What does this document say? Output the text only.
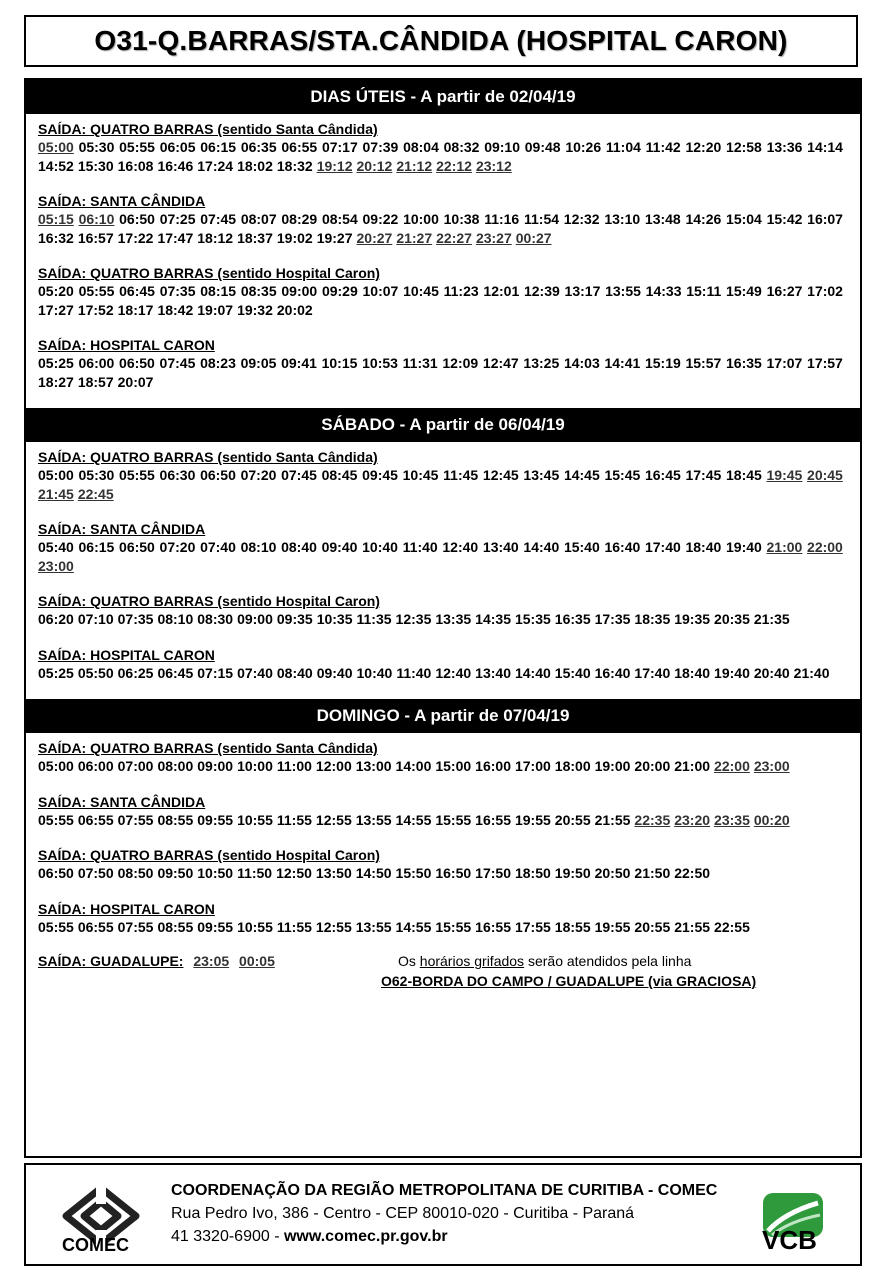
O31-Q.BARRAS/STA.CÂNDIDA (HOSPITAL CARON)
DIAS ÚTEIS - A partir de 02/04/19
SAÍDA: QUATRO BARRAS (sentido Santa Cândida)
05:00 05:30 05:55 06:05 06:15 06:35 06:55 07:17 07:39 08:04 08:32 09:10 09:48 10:26 11:04 11:42 12:20 12:58 13:36 14:14
14:52 15:30 16:08 16:46 17:24 18:02 18:32 19:12 20:12 21:12 22:12 23:12
SAÍDA: SANTA CÂNDIDA
05:15 06:10 06:50 07:25 07:45 08:07 08:29 08:54 09:22 10:00 10:38 11:16 11:54 12:32 13:10 13:48 14:26 15:04 15:42 16:07
16:32 16:57 17:22 17:47 18:12 18:37 19:02 19:27 20:27 21:27 22:27 23:27 00:27
SAÍDA: QUATRO BARRAS (sentido Hospital Caron)
05:20 05:55 06:45 07:35 08:15 08:35 09:00 09:29 10:07 10:45 11:23 12:01 12:39 13:17 13:55 14:33 15:11 15:49 16:27 17:02
17:27 17:52 18:17 18:42 19:07 19:32 20:02
SAÍDA: HOSPITAL CARON
05:25 06:00 06:50 07:45 08:23 09:05 09:41 10:15 10:53 11:31 12:09 12:47 13:25 14:03 14:41 15:19 15:57 16:35 17:07 17:57
18:27 18:57 20:07
SÁBADO - A partir de 06/04/19
SAÍDA: QUATRO BARRAS (sentido Santa Cândida)
05:00 05:30 05:55 06:30 06:50 07:20 07:45 08:45 09:45 10:45 11:45 12:45 13:45 14:45 15:45 16:45 17:45 18:45 19:45 20:45
21:45 22:45
SAÍDA: SANTA CÂNDIDA
05:40 06:15 06:50 07:20 07:40 08:10 08:40 09:40 10:40 11:40 12:40 13:40 14:40 15:40 16:40 17:40 18:40 19:40 21:00 22:00
23:00
SAÍDA: QUATRO BARRAS (sentido Hospital Caron)
06:20 07:10 07:35 08:10 08:30 09:00 09:35 10:35 11:35 12:35 13:35 14:35 15:35 16:35 17:35 18:35 19:35 20:35 21:35
SAÍDA: HOSPITAL CARON
05:25 05:50 06:25 06:45 07:15 07:40 08:40 09:40 10:40 11:40 12:40 13:40 14:40 15:40 16:40 17:40 18:40 19:40 20:40 21:40
DOMINGO - A partir de 07/04/19
SAÍDA: QUATRO BARRAS (sentido Santa Cândida)
05:00 06:00 07:00 08:00 09:00 10:00 11:00 12:00 13:00 14:00 15:00 16:00 17:00 18:00 19:00 20:00 21:00 22:00 23:00
SAÍDA: SANTA CÂNDIDA
05:55 06:55 07:55 08:55 09:55 10:55 11:55 12:55 13:55 14:55 15:55 16:55 19:55 20:55 21:55 22:35 23:20 23:35 00:20
SAÍDA: QUATRO BARRAS (sentido Hospital Caron)
06:50 07:50 08:50 09:50 10:50 11:50 12:50 13:50 14:50 15:50 16:50 17:50 18:50 19:50 20:50 21:50 22:50
SAÍDA: HOSPITAL CARON
05:55 06:55 07:55 08:55 09:55 10:55 11:55 12:55 13:55 14:55 15:55 16:55 17:55 18:55 19:55 20:55 21:55 22:55
SAÍDA: GUADALUPE: 23:05 00:05	Os horários grifados serão atendidos pela linha
O62-BORDA DO CAMPO / GUADALUPE (via GRACIOSA)
COMEC
COORDENAÇÃO DA REGIÃO METROPOLITANA DE CURITIBA - COMEC
Rua Pedro Ivo, 386 - Centro - CEP 80010-020 - Curitiba - Paraná
41 3320-6900 - www.comec.pr.gov.br	VCB
